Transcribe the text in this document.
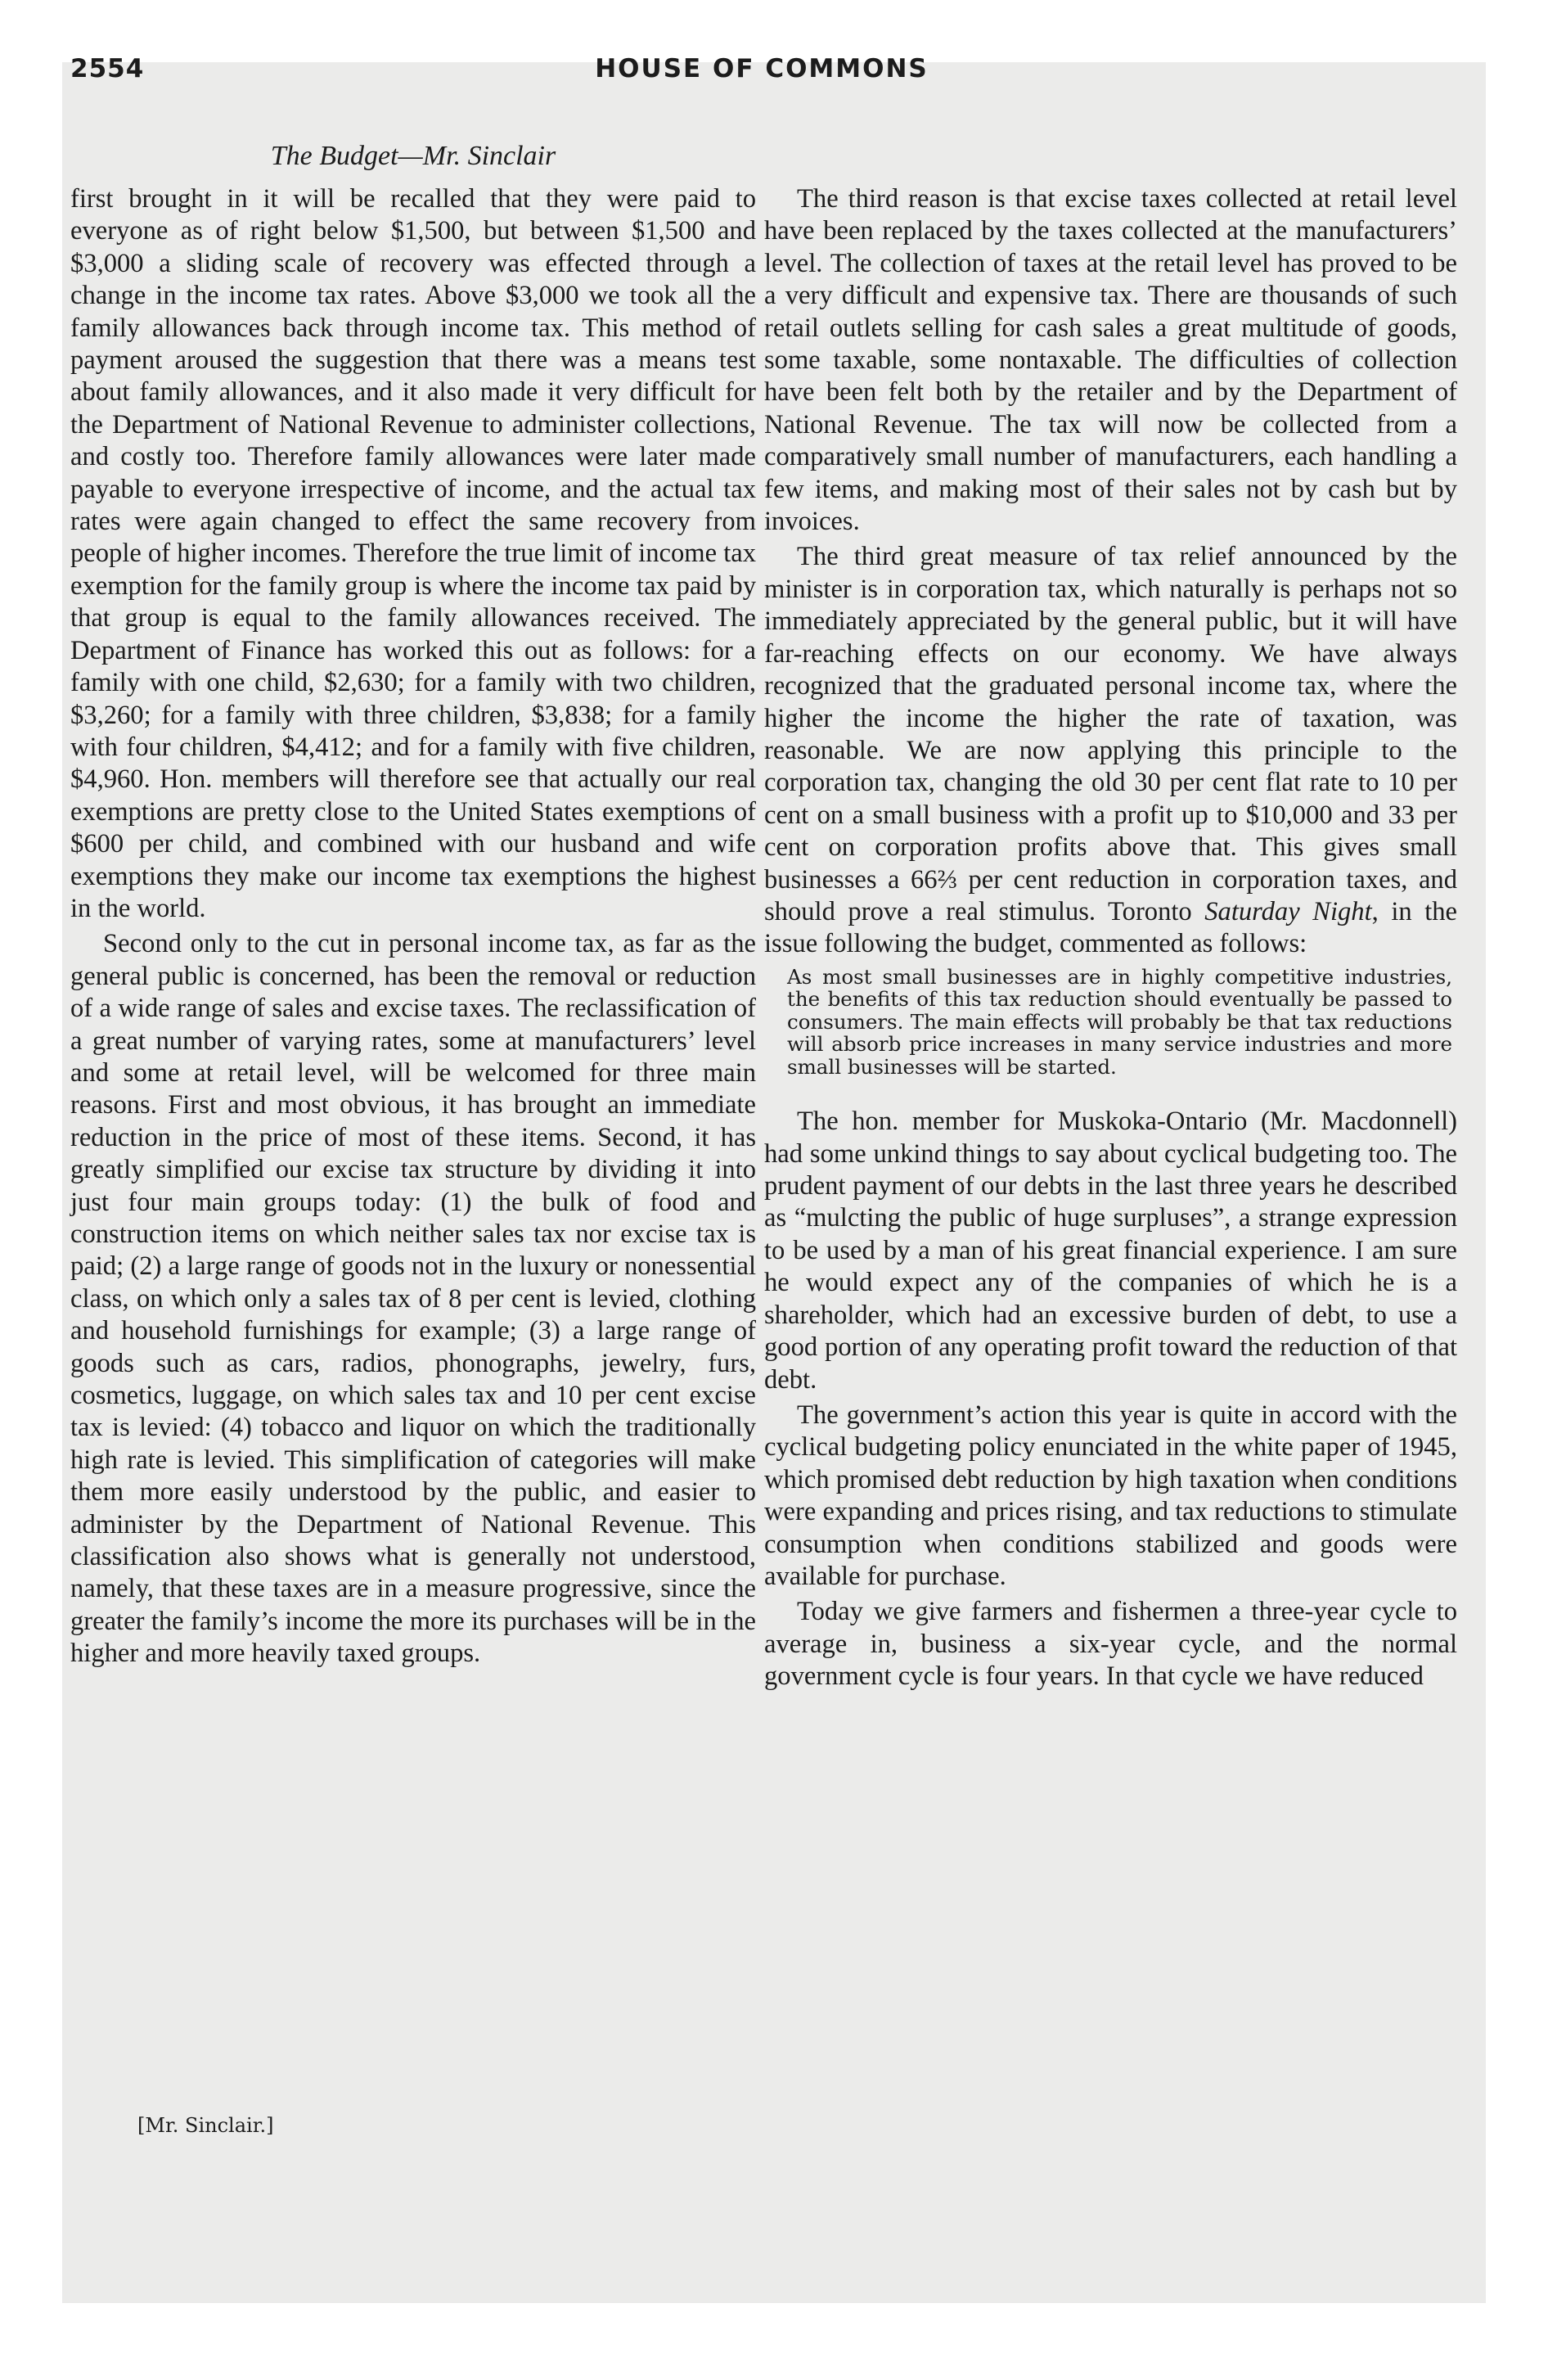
2554	HOUSE OF COMMONS
The Budget—Mr. Sinclair

first brought in it will be recalled that they were paid to everyone as of right below $1,500, but between $1,500 and $3,000 a sliding scale of recovery was effected through a change in the income tax rates. Above $3,000 we took all the family allowances back through income tax. This method of payment aroused the suggestion that there was a means test about family allowances, and it also made it very difficult for the Department of National Revenue to administer collections, and costly too. Therefore family allowances were later made payable to everyone irrespective of income, and the actual tax rates were again changed to effect the same recovery from people of higher incomes. Therefore the true limit of income tax exemption for the family group is where the income tax paid by that group is equal to the family allowances received. The Department of Finance has worked this out as follows: for a family with one child, $2,630; for a family with two children, $3,260; for a family with three children, $3,838; for a family with four children, $4,412; and for a family with five children, $4,960. Hon. members will therefore see that actually our real exemptions are pretty close to the United States exemptions of $600 per child, and combined with our husband and wife exemptions they make our income tax exemptions the highest in the world.

Second only to the cut in personal income tax, as far as the general public is concerned, has been the removal or reduction of a wide range of sales and excise taxes. The reclassification of a great number of varying rates, some at manufacturers’ level and some at retail level, will be welcomed for three main reasons. First and most obvious, it has brought an immediate reduction in the price of most of these items. Second, it has greatly simplified our excise tax structure by dividing it into just four main groups today: (1) the bulk of food and construction items on which neither sales tax nor excise tax is paid; (2) a large range of goods not in the luxury or nonessential class, on which only a sales tax of 8 per cent is levied, clothing and household furnishings for example; (3) a large range of goods such as cars, radios, phonographs, jewelry, furs, cosmetics, luggage, on which sales tax and 10 per cent excise tax is levied: (4) tobacco and liquor on which the traditionally high rate is levied. This simplification of categories will make them more easily understood by the public, and easier to administer by the Department of National Revenue. This classification also shows what is generally not understood, namely, that these taxes are in a measure progressive, since the greater the family’s income the more its purchases will be in the higher and more heavily taxed groups.

[Mr. Sinclair.]

The third reason is that excise taxes collected at retail level have been replaced by the taxes collected at the manufacturers’ level. The collection of taxes at the retail level has proved to be a very difficult and expensive tax. There are thousands of such retail outlets selling for cash sales a great multitude of goods, some taxable, some nontaxable. The difficulties of collection have been felt both by the retailer and by the Department of National Revenue. The tax will now be collected from a comparatively small number of manufacturers, each handling a few items, and making most of their sales not by cash but by invoices.

The third great measure of tax relief announced by the minister is in corporation tax, which naturally is perhaps not so immediately appreciated by the general public, but it will have far-reaching effects on our economy. We have always recognized that the graduated personal income tax, where the higher the income the higher the rate of taxation, was reasonable. We are now applying this principle to the corporation tax, changing the old 30 per cent flat rate to 10 per cent on a small business with a profit up to $10,000 and 33 per cent on corporation profits above that. This gives small businesses a 66⅔ per cent reduction in corporation taxes, and should prove a real stimulus. Toronto Saturday Night, in the issue following the budget, commented as follows:

As most small businesses are in highly competitive industries, the benefits of this tax reduction should eventually be passed to consumers. The main effects will probably be that tax reductions will absorb price increases in many service industries and more small businesses will be started.

The hon. member for Muskoka-Ontario (Mr. Macdonnell) had some unkind things to say about cyclical budgeting too. The prudent payment of our debts in the last three years he described as “mulcting the public of huge surpluses”, a strange expression to be used by a man of his great financial experience. I am sure he would expect any of the companies of which he is a shareholder, which had an excessive burden of debt, to use a good portion of any operating profit toward the reduction of that debt.

The government’s action this year is quite in accord with the cyclical budgeting policy enunciated in the white paper of 1945, which promised debt reduction by high taxation when conditions were expanding and prices rising, and tax reductions to stimulate consumption when conditions stabilized and goods were available for purchase.

Today we give farmers and fishermen a three-year cycle to average in, business a six-year cycle, and the normal government cycle is four years. In that cycle we have reduced
